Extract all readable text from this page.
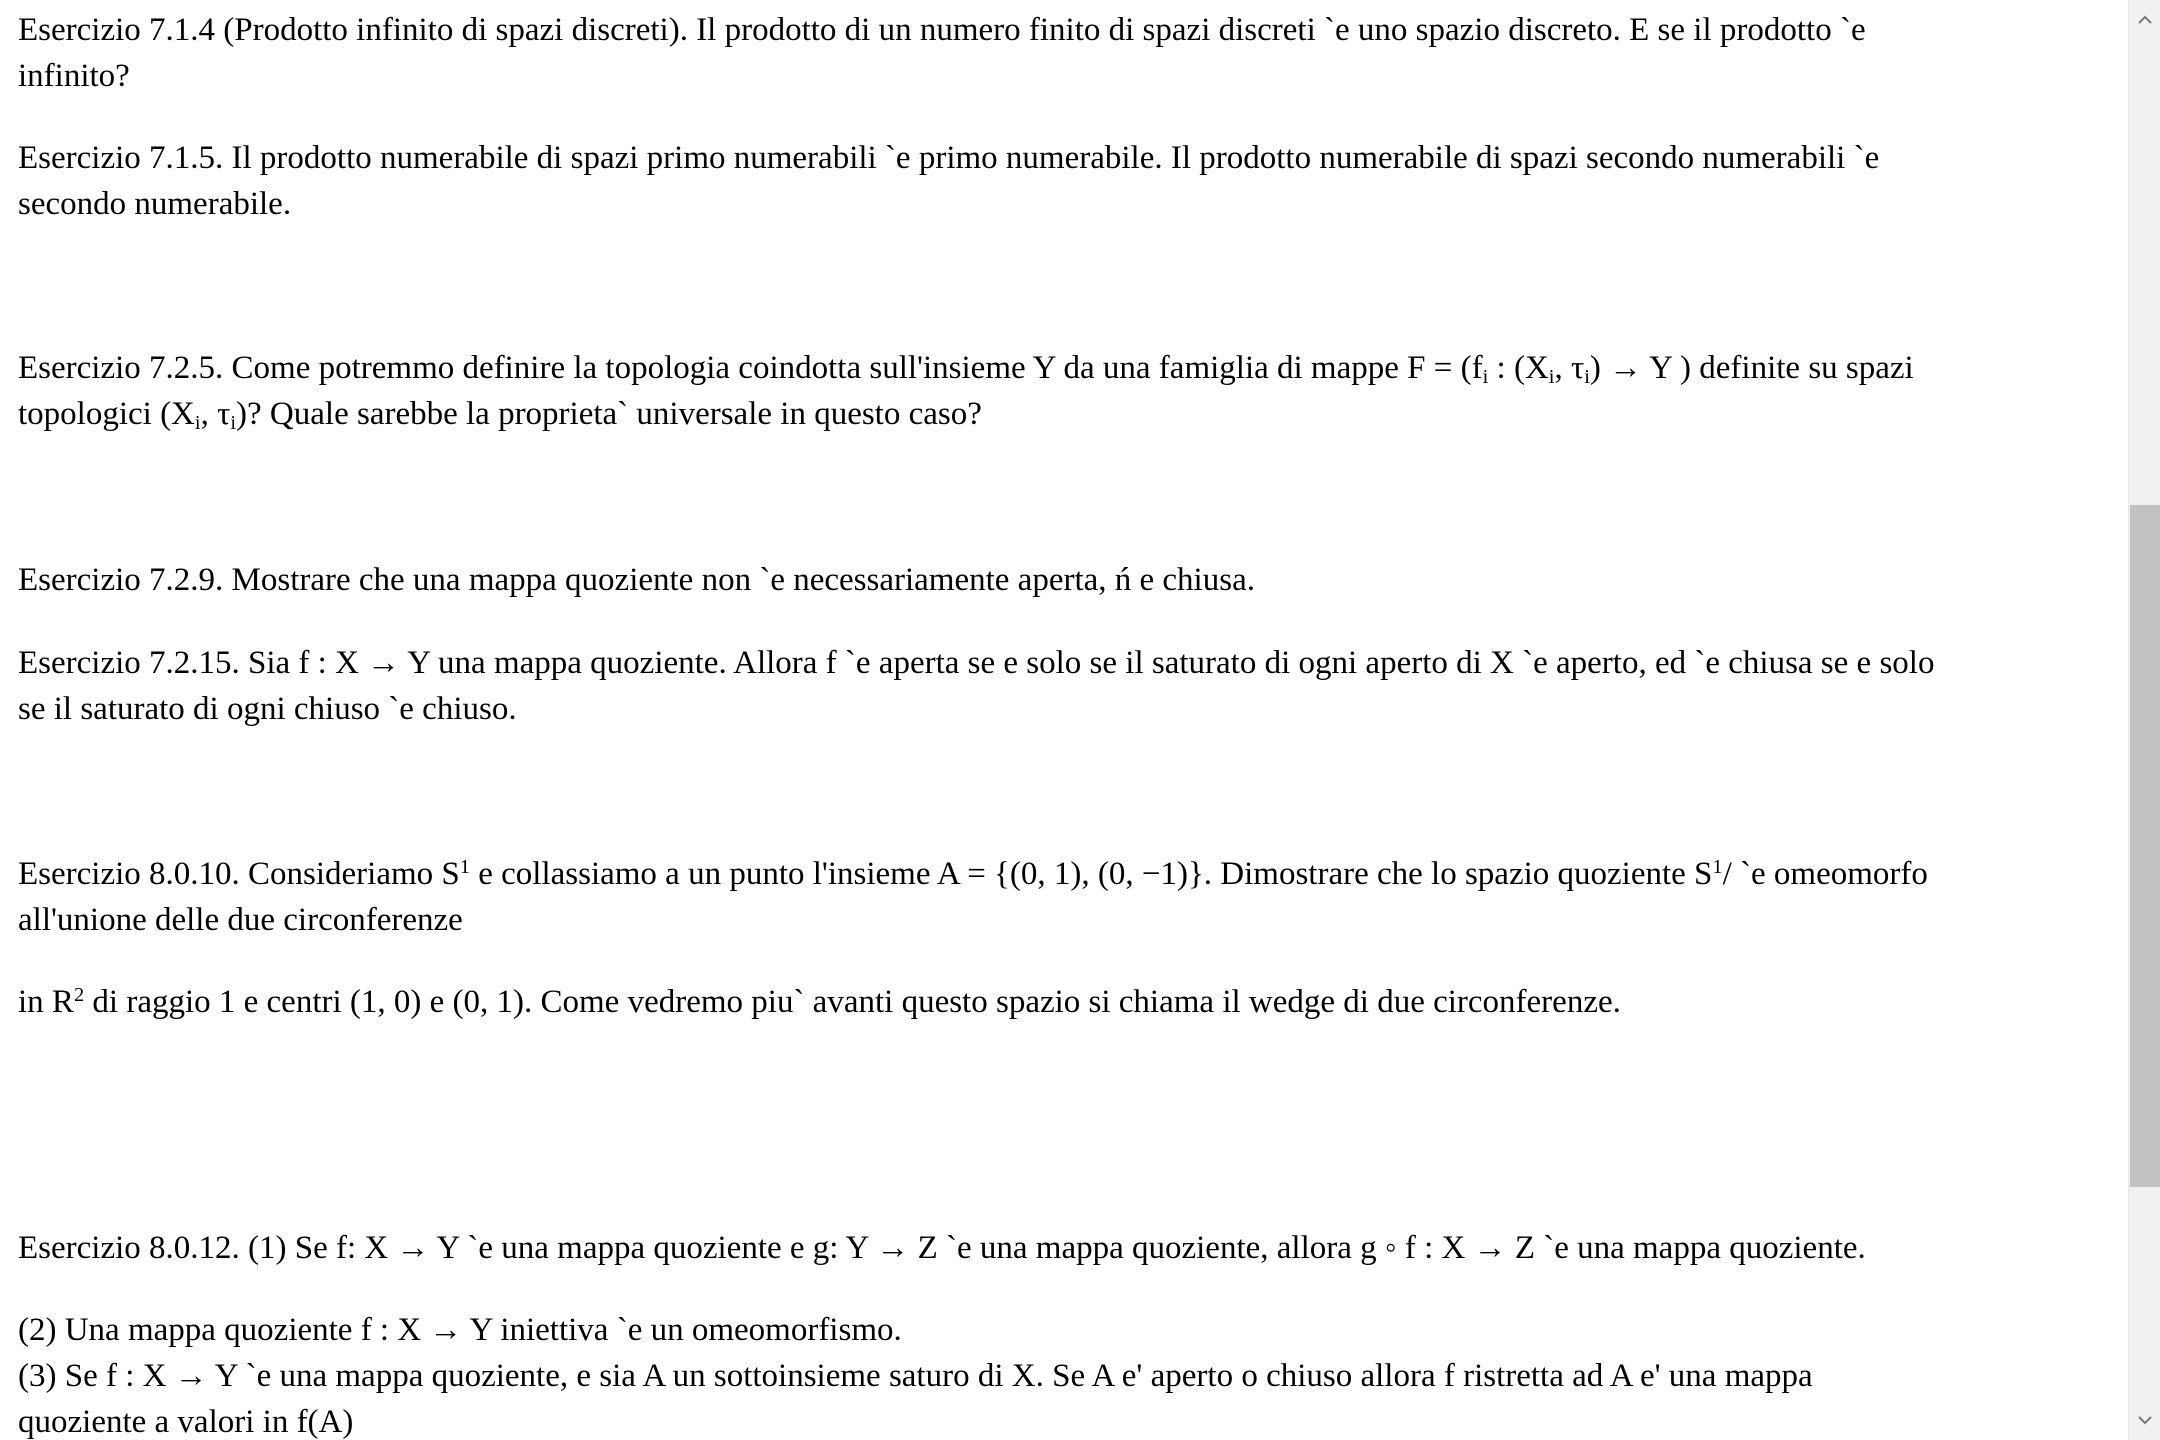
Esercizio 7.1.4 (Prodotto infinito di spazi discreti). Il prodotto di un numero finito di spazi discreti `e uno spazio discreto. E se il prodotto `e
infinito?

Esercizio 7.1.5. Il prodotto numerabile di spazi primo numerabili `e primo numerabile. Il prodotto numerabile di spazi secondo numerabili `e
secondo numerabile.

Esercizio 7.2.5. Come potremmo definire la topologia coindotta sull'insieme Y da una famiglia di mappe $F = (f_i$ : ($X_i$, $\tau_i) \to Y$ ) definite su spazi
topologici ($X_i$, $\tau_i$)? Quale sarebbe la proprieta` universale in questo caso?

Esercizio 7.2.9. Mostrare che una mappa quoziente non `e necessariamente aperta, ń e chiusa.

Esercizio 7.2.15. Sia f : X → Y una mappa quoziente. Allora f `e aperta se e solo se il saturato di ogni aperto di X `e aperto, ed `e chiusa se e solo
se il saturato di ogni chiuso `e chiuso.

Esercizio 8.0.10. Consideriamo $S^1$ e collassiamo a un punto l'insieme A = {(0, 1), (0, −1)}. Dimostrare che lo spazio quoziente $S^1/$ `e omeomorfo
all'unione delle due circonferenze

in $R^2$ di raggio 1 e centri (1, 0) e (0, 1). Come vedremo piu` avanti questo spazio si chiama il wedge di due circonferenze.

Esercizio 8.0.12. (1) Se f: X → Y `e una mappa quoziente e g: Y → Z `e una mappa quoziente, allora g ◦ f : X → Z `e una mappa quoziente.

(2) Una mappa quoziente f : X → Y iniettiva `e un omeomorfismo.
(3) Se f : X → Y `e una mappa quoziente, e sia A un sottoinsieme saturo di X. Se A e' aperto o chiuso allora f ristretta ad A e' una mappa
quoziente a valori in f(A)
